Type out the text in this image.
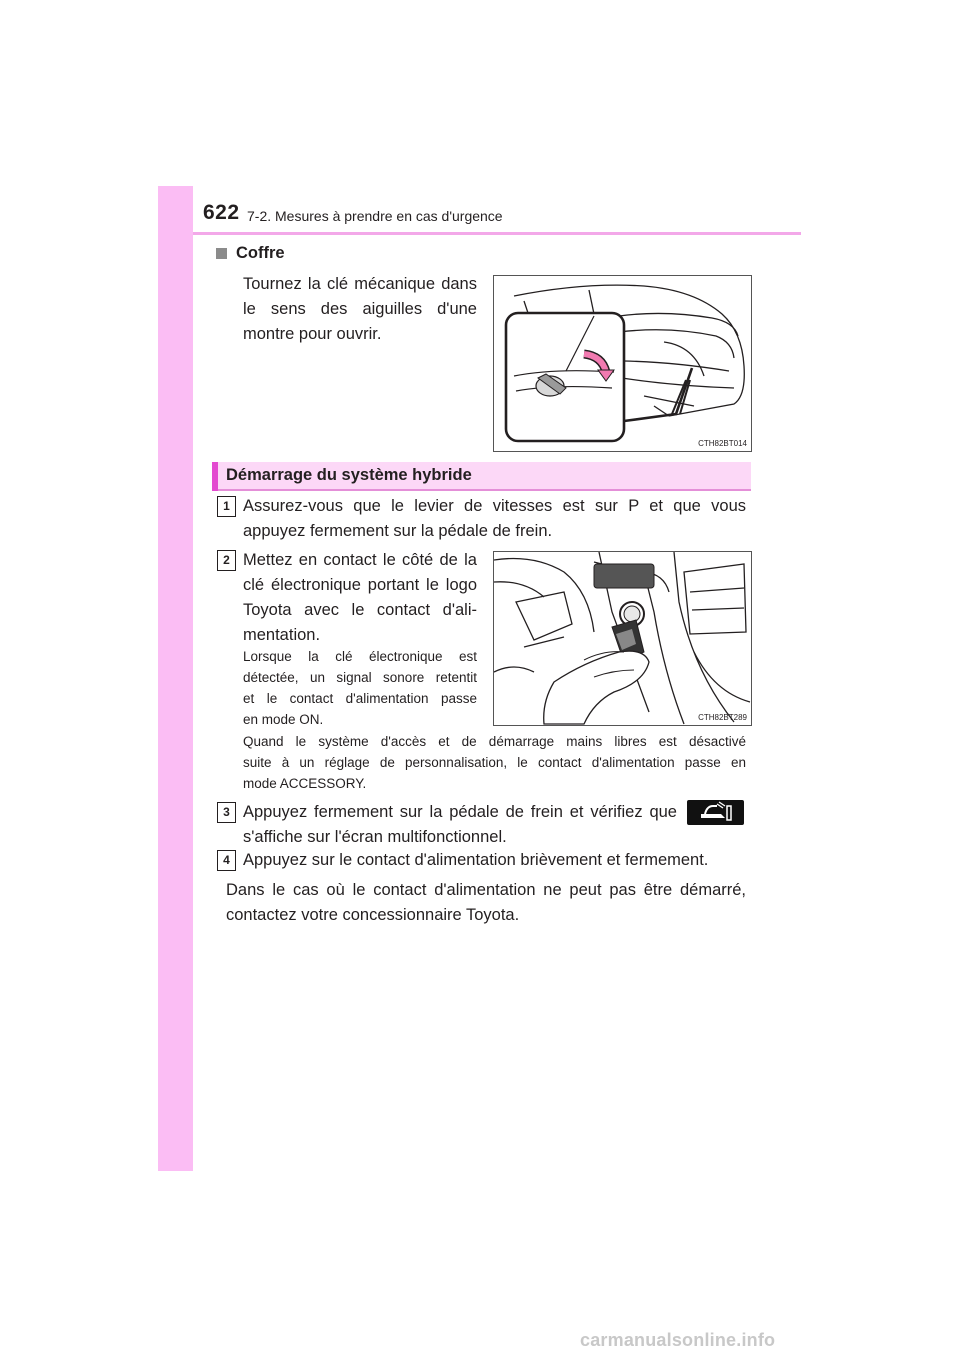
622 7-2. Mesures à prendre en cas d'urgence
Coffre
Tournez la clé mécanique dans
le sens des aiguilles d'une
montre pour ouvrir.
CTH82BT014
Démarrage du système hybride
1 Assurez-vous que le levier de vitesses est sur P et que vous
appuyez fermement sur la pédale de frein.
2 Mettez en contact le côté de la
clé électronique portant le logo
Toyota avec le contact d'ali-
mentation.
Lorsque la clé électronique est
détectée, un signal sonore retentit
et le contact d'alimentation passe
en mode ON.	CTH82BT289
Quand le système d'accès et de démarrage mains libres est désactivé
suite à un réglage de personnalisation, le contact d'alimentation passe en
mode ACCESSORY.
3 Appuyez fermement sur la pédale de frein et vérifiez que
s'affiche sur l'écran multifonctionnel.
4 Appuyez sur le contact d'alimentation brièvement et fermement.
Dans le cas où le contact d'alimentation ne peut pas être démarré,
contactez votre concessionnaire Toyota.
carmanualsonline.info
